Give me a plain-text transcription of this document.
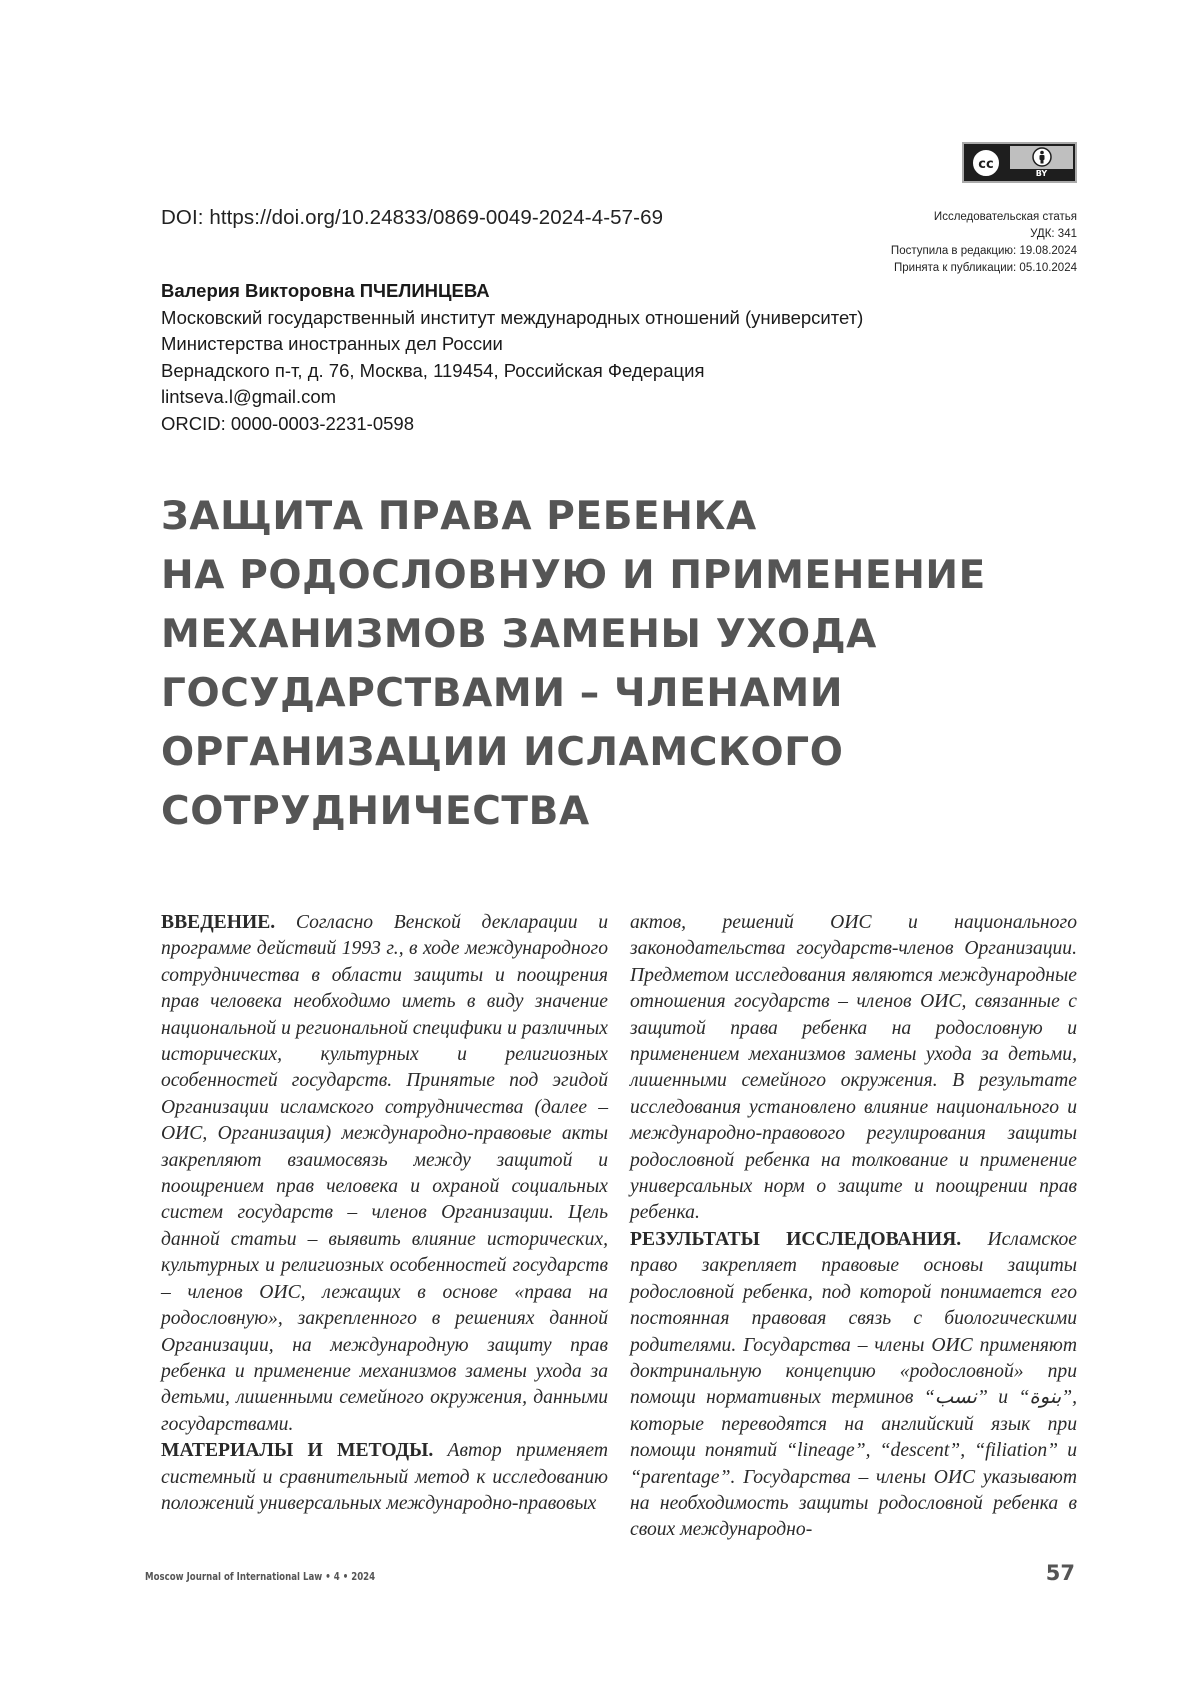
cc
BY
DOI: https://doi.org/10.24833/0869-0049-2024-4-57-69	Исследовательская статья
УДК: 341
Поступила в редакцию: 19.08.2024
Принята к публикации: 05.10.2024
Валерия Викторовна ПЧЕЛИНЦЕВА
Московский государственный институт международных отношений (университет)
Министерства иностранных дел России
Вернадского п-т, д. 76, Москва, 119454, Российская Федерация
lintseva.l@gmail.com
ORCID: 0000-0003-2231-0598
ЗАЩИТА ПРАВА РЕБЕНКА
НА РОДОСЛОВНУЮ И ПРИМЕНЕНИЕ
МЕХАНИЗМОВ ЗАМЕНЫ УХОДА
ГОСУДАРСТВАМИ – ЧЛЕНАМИ
ОРГАНИЗАЦИИ ИСЛАМСКОГО
СОТРУДНИЧЕСТВА

ВВЕДЕНИЕ. Согласно Венской декларации и программе действий 1993 г., в ходе международ­ного сотрудничества в области защиты и по­ощрения прав человека необходимо иметь в виду значение национальной и региональной специфи­ки и различных исторических, культурных и ре­лигиозных особенностей государств. Принятые под эгидой Организации исламского сотрудни­чества (далее – ОИС, Организация) междуна­родно-правовые акты закрепляют взаимосвязь между защитой и поощрением прав человека и охраной социальных систем государств – членов Организации. Цель данной статьи – выявить влияние исторических, культурных и религи­озных особенностей государств – членов ОИС, лежащих в основе «права на родословную», за­крепленного в решениях данной Организации, на международную защиту прав ребенка и при­менение механизмов замены ухода за детьми, лишенными семейного окружения, данными госу­дарствами.

МАТЕРИАЛЫ И МЕТОДЫ. Автор применяет системный и сравнительный метод к исследова­нию положений универсальных международно-правовых

актов, решений ОИС и национального законодательства государств-членов Организа­ции. Предметом исследования являются между­народные отношения государств – членов ОИС, связанные с защитой права ребенка на родослов­ную и применением механизмов замены ухода за детьми, лишенными семейного окружения. В результате исследования установлено влия­ние национального и международно-правового регулирования защиты родословной ребенка на толкование и применение универсальных норм о защите и поощрении прав ребенка.

РЕЗУЛЬТАТЫ ИССЛЕДОВАНИЯ. Исламское право закрепляет правовые основы защиты родословной ребенка, под которой понимает­ся его постоянная правовая связь с биологиче­скими родителями. Государства – члены ОИС применяют доктринальную концепцию «родос­ловной» при помощи нормативных терминов “نسب” и “بنوة”, которые переводятся на английский язык при помощи понятий “lineage”, “descent”, “filiation” и “parentage”. Государства – члены ОИС указывают на необходимость защи­ты родословной ребенка в своих международно-

Moscow Journal of International Law • 4 • 2024	57
